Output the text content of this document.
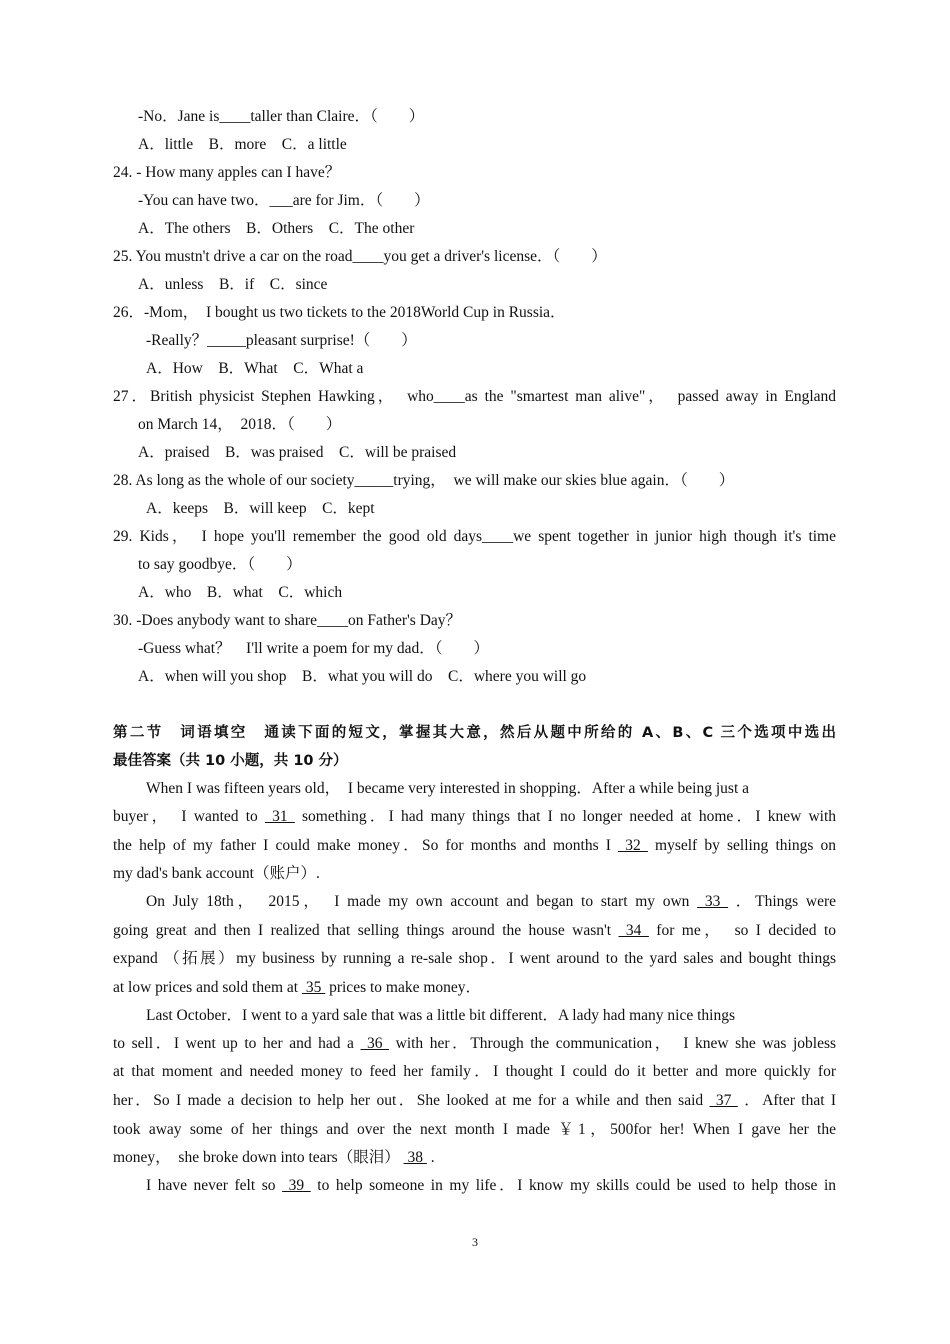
-No．Jane is____taller than Claire．（　　）
A．little　B．more　C．a little
24. - How many apples can I have？
-You can have two．___are for Jim．（　　）
A．The others　B．Others　C．The other
25. You mustn't drive a car on the road____you get a driver's license．（　　）
A．unless　B．if　C．since
26．-Mom，　I bought us two tickets to the 2018World Cup in Russia．
-Really？_____pleasant surprise!（　　）
A．How　B．What　C．What a
27．British physicist Stephen Hawking，　who____as the "smartest man alive"，　passed away in England
on March 14，　2018．（　　）
A．praised　B．was praised　C．will be praised
28. As long as the whole of our society_____trying，　we will make our skies blue again．（　　）
A．keeps　B．will keep　C．kept
29. Kids，　I hope you'll remember the good old days____we spent together in junior high though it's time
to say goodbye．（　　）
A．who　B．what　C．which
30. -Does anybody want to share____on Father's Day？
-Guess what？　I'll write a poem for my dad．（　　）
A．when will you shop　B．what you will do　C．where you will go
第二节　词语填空　通读下面的短文，掌握其大意，然后从题中所给的 A、B、C 三个选项中选出
最佳答案（共 10 小题，共 10 分）
When I was fifteen years old，　I became very interested in shopping．After a while being just a
buyer，　I wanted to  31  something．I had many things that I no longer needed at home．I knew with
the help of my father I could make money．So for months and months I  32  myself by selling things on
my dad's bank account（账户）.
On July 18th，　2015，　I made my own account and began to start my own  33  ．Things were
going great and then I realized that selling things around the house wasn't  34  for me，　so I decided to
expand （拓展）my business by running a re-sale shop．I went around to the yard sales and bought things
at low prices and sold them at  35  prices to make money．
Last October．I went to a yard sale that was a little bit different．A lady had many nice things
to sell．I went up to her and had a  36  with her．Through the communication，　I knew she was jobless
at that moment and needed money to feed her family．I thought I could do it better and more quickly for
her．So I made a decision to help her out．She looked at me for a while and then said  37  ．After that I
took away some of her things and over the next month I made ￥1，500for her! When I gave her the
money，　she broke down into tears（眼泪）  38  .
I have never felt so  39  to help someone in my life．I know my skills could be used to help those in
3
